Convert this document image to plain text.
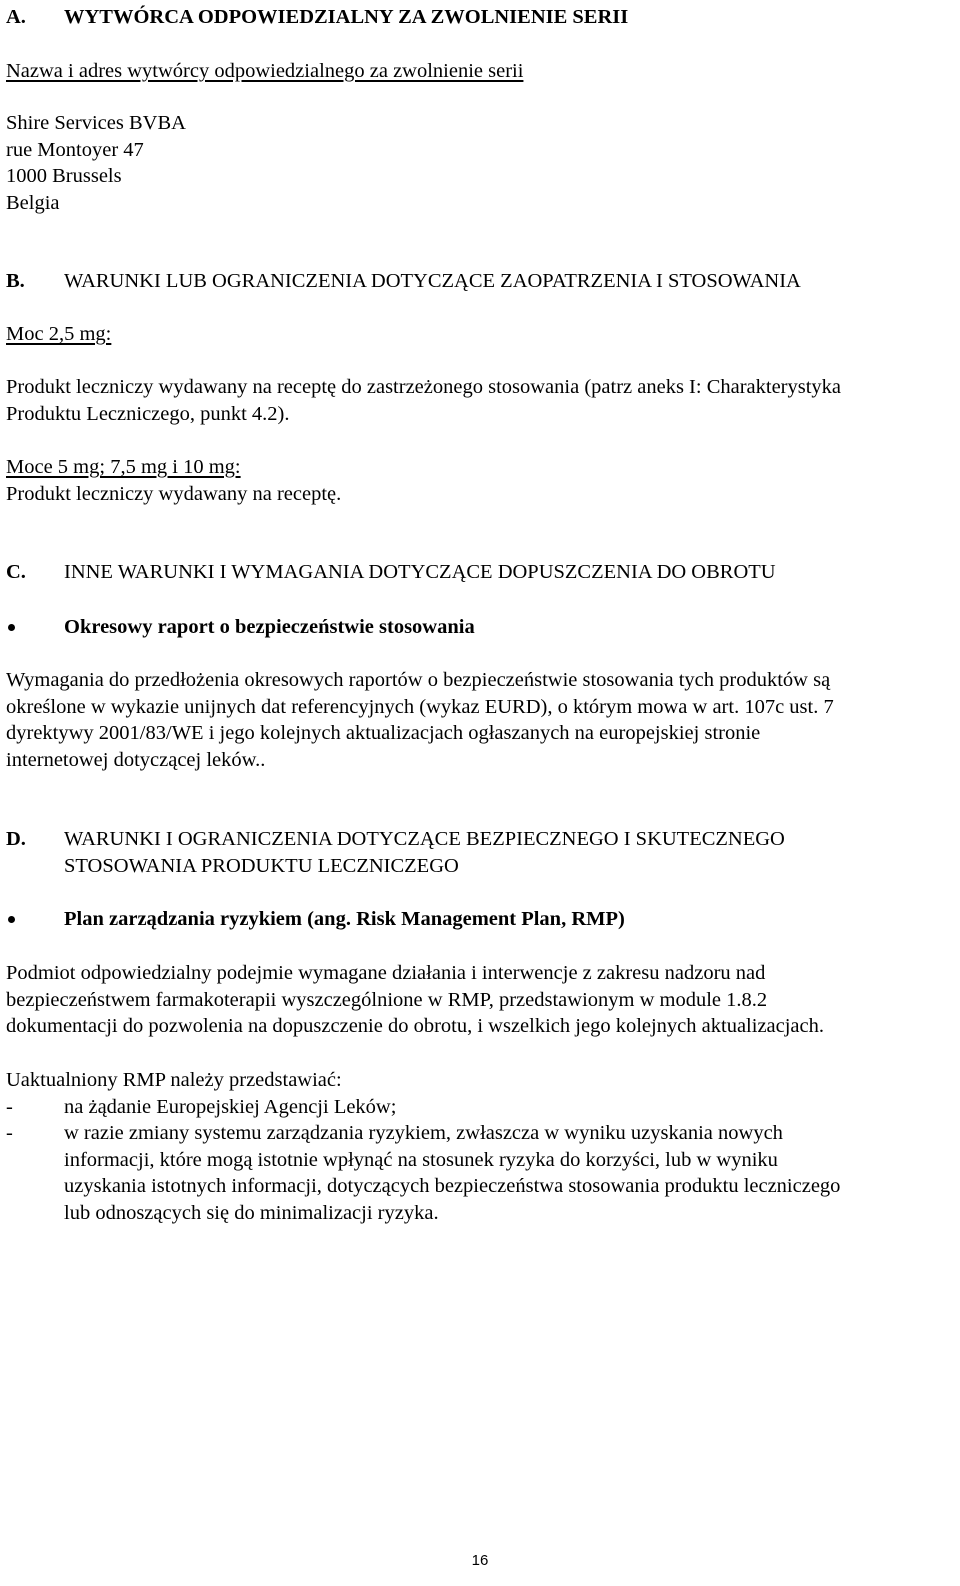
A. WYTWÓRCA ODPOWIEDZIALNY ZA ZWOLNIENIE SERII
Nazwa i adres wytwórcy odpowiedzialnego za zwolnienie serii
Shire Services BVBA
rue Montoyer 47
1000 Brussels
Belgia
B. WARUNKI LUB OGRANICZENIA DOTYCZĄCE ZAOPATRZENIA I STOSOWANIA
Moc 2,5 mg:
Produkt leczniczy wydawany na receptę do zastrzeżonego stosowania (patrz aneks I: Charakterystyka
Produktu Leczniczego, punkt 4.2).
Moce 5 mg; 7,5 mg i 10 mg:
Produkt leczniczy wydawany na receptę.
C. INNE WARUNKI I WYMAGANIA DOTYCZĄCE DOPUSZCZENIA DO OBROTU
Okresowy raport o bezpieczeństwie stosowania
Wymagania do przedłożenia okresowych raportów o bezpieczeństwie stosowania tych produktów są
określone w wykazie unijnych dat referencyjnych (wykaz EURD), o którym mowa w art. 107c ust. 7
dyrektywy 2001/83/WE i jego kolejnych aktualizacjach ogłaszanych na europejskiej stronie
internetowej dotyczącej leków..
D. WARUNKI I OGRANICZENIA DOTYCZĄCE BEZPIECZNEGO I SKUTECZNEGO
STOSOWANIA PRODUKTU LECZNICZEGO
Plan zarządzania ryzykiem (ang. Risk Management Plan, RMP)
Podmiot odpowiedzialny podejmie wymagane działania i interwencje z zakresu nadzoru nad
bezpieczeństwem farmakoterapii wyszczególnione w RMP, przedstawionym w module 1.8.2
dokumentacji do pozwolenia na dopuszczenie do obrotu, i wszelkich jego kolejnych aktualizacjach.
Uaktualniony RMP należy przedstawiać:
- na żądanie Europejskiej Agencji Leków;
- w razie zmiany systemu zarządzania ryzykiem, zwłaszcza w wyniku uzyskania nowych
informacji, które mogą istotnie wpłynąć na stosunek ryzyka do korzyści, lub w wyniku
uzyskania istotnych informacji, dotyczących bezpieczeństwa stosowania produktu leczniczego
lub odnoszących się do minimalizacji ryzyka.
16
